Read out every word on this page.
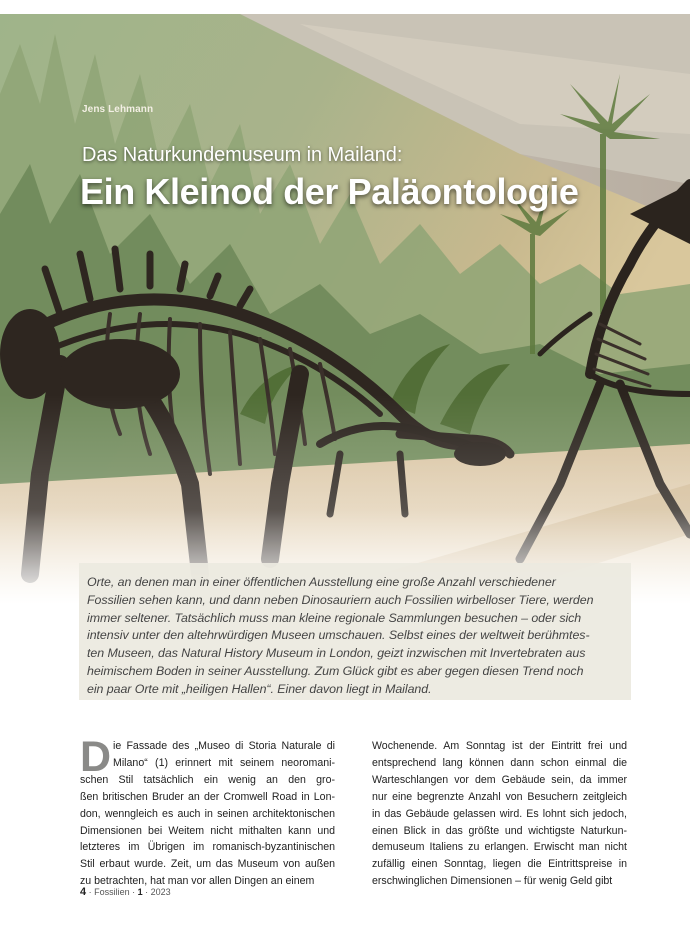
Jens Lehmann
Das Naturkundemuseum in Mailand:
Ein Kleinod der Paläontologie

Orte, an denen man in einer öffentlichen Ausstellung eine große Anzahl verschiedener
Fossilien sehen kann, und dann neben Dinosauriern auch Fossilien wirbelloser Tiere, werden
immer seltener. Tatsächlich muss man kleine regionale Sammlungen besuchen – oder sich
intensiv unter den altehrwürdigen Museen umschauen. Selbst eines der weltweit berühmtes-
ten Museen, das Natural History Museum in London, geizt inzwischen mit Invertebraten aus
heimischem Boden in seiner Ausstellung. Zum Glück gibt es aber gegen diesen Trend noch
ein paar Orte mit „heiligen Hallen“. Einer davon liegt in Mailand.

D ie Fassade des „Museo di Storia Naturale di
Milano“ (1) erinnert mit seinem neoromani-
schen Stil tatsächlich ein wenig an den gro-
ßen britischen Bruder an der Cromwell Road in Lon-
don, wenngleich es auch in seinen architektonischen
Dimensionen bei Weitem nicht mithalten kann und
letzteres im Übrigen im romanisch-byzantinischen
Stil erbaut wurde. Zeit, um das Museum von außen
zu betrachten, hat man vor allen Dingen an einem
Wochenende. Am Sonntag ist der Eintritt frei und
entsprechend lang können dann schon einmal die
Warteschlangen vor dem Gebäude sein, da immer
nur eine begrenzte Anzahl von Besuchern zeitgleich
in das Gebäude gelassen wird. Es lohnt sich jedoch,
einen Blick in das größte und wichtigste Naturkun-
demuseum Italiens zu erlangen. Erwischt man nicht
zufällig einen Sonntag, liegen die Eintrittspreise in
erschwinglichen Dimensionen – für wenig Geld gibt
4 · Fossilien · 1 · 2023
